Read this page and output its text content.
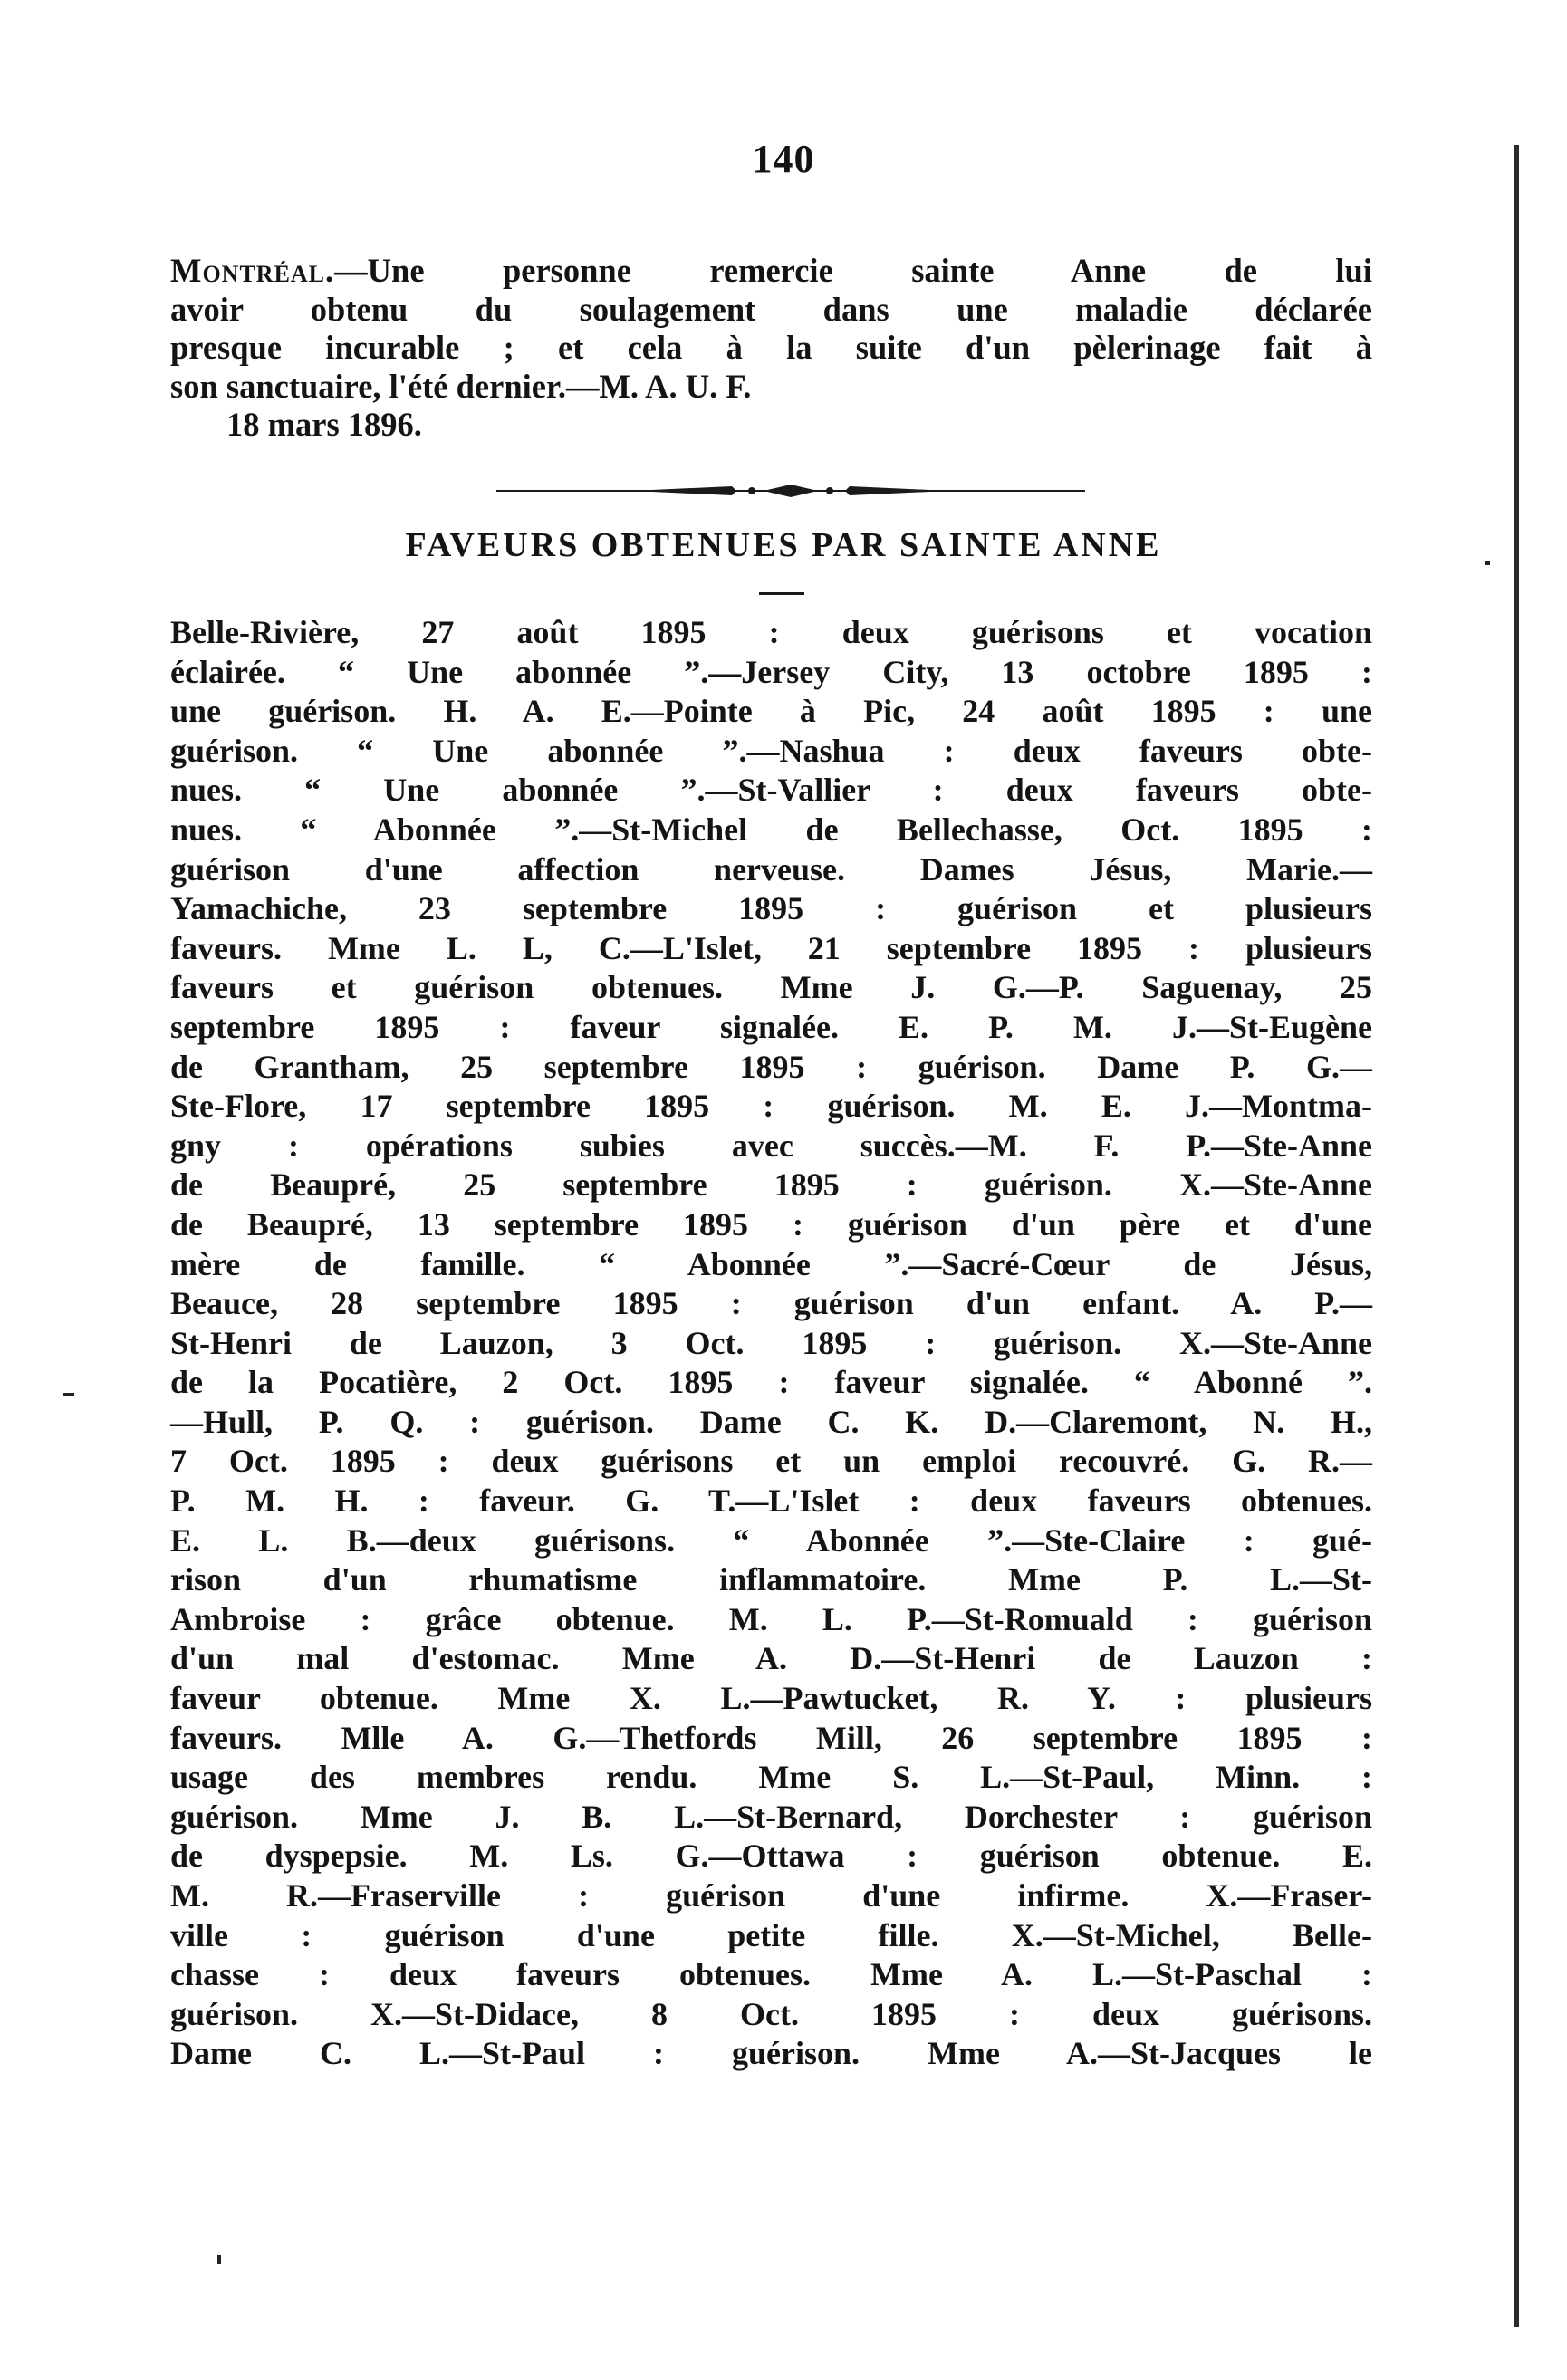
140
Montréal.—Une personne remercie sainte Anne de lui
avoir obtenu du soulagement dans une maladie déclarée
presque incurable ; et cela à la suite d'un pèlerinage fait à
son sanctuaire, l'été dernier.—M. A. U. F.
18 mars 1896.
FAVEURS OBTENUES PAR SAINTE ANNE
Belle-Rivière, 27 août 1895 : deux guérisons et vocation
éclairée. “ Une abonnée ”.—Jersey City, 13 octobre 1895 :
une guérison. H. A. E.—Pointe à Pic, 24 août 1895 : une
guérison. “ Une abonnée ”.—Nashua : deux faveurs obte-
nues. “ Une abonnée ”.—St-Vallier : deux faveurs obte-
nues. “ Abonnée ”.—St-Michel de Bellechasse, Oct. 1895 :
guérison d'une affection nerveuse. Dames Jésus, Marie.—
Yamachiche, 23 septembre 1895 : guérison et plusieurs
faveurs. Mme L. L, C.—L'Islet, 21 septembre 1895 : plusieurs
faveurs et guérison obtenues. Mme J. G.—P. Saguenay, 25
septembre 1895 : faveur signalée. E. P. M. J.—St-Eugène
de Grantham, 25 septembre 1895 : guérison. Dame P. G.—
Ste-Flore, 17 septembre 1895 : guérison. M. E. J.—Montma-
gny : opérations subies avec succès.—M. F. P.—Ste-Anne
de Beaupré, 25 septembre 1895 : guérison. X.—Ste-Anne
de Beaupré, 13 septembre 1895 : guérison d'un père et d'une
mère de famille. “ Abonnée ”.—Sacré-Cœur de Jésus,
Beauce, 28 septembre 1895 : guérison d'un enfant. A. P.—
St-Henri de Lauzon, 3 Oct. 1895 : guérison. X.—Ste-Anne
de la Pocatière, 2 Oct. 1895 : faveur signalée. “ Abonné ”.
—Hull, P. Q. : guérison. Dame C. K. D.—Claremont, N. H.,
7 Oct. 1895 : deux guérisons et un emploi recouvré. G. R.—
P. M. H. : faveur. G. T.—L'Islet : deux faveurs obtenues.
E. L. B.—deux guérisons. “ Abonnée ”.—Ste-Claire : gué-
rison d'un rhumatisme inflammatoire. Mme P. L.—St-
Ambroise : grâce obtenue. M. L. P.—St-Romuald : guérison
d'un mal d'estomac. Mme A. D.—St-Henri de Lauzon :
faveur obtenue. Mme X. L.—Pawtucket, R. Y. : plusieurs
faveurs. Mlle A. G.—Thetfords Mill, 26 septembre 1895 :
usage des membres rendu. Mme S. L.—St-Paul, Minn. :
guérison. Mme J. B. L.—St-Bernard, Dorchester : guérison
de dyspepsie. M. Ls. G.—Ottawa : guérison obtenue. E.
M. R.—Fraserville : guérison d'une infirme. X.—Fraser-
ville : guérison d'une petite fille. X.—St-Michel, Belle-
chasse : deux faveurs obtenues. Mme A. L.—St-Paschal :
guérison. X.—St-Didace, 8 Oct. 1895 : deux guérisons.
Dame C. L.—St-Paul : guérison. Mme A.—St-Jacques le
